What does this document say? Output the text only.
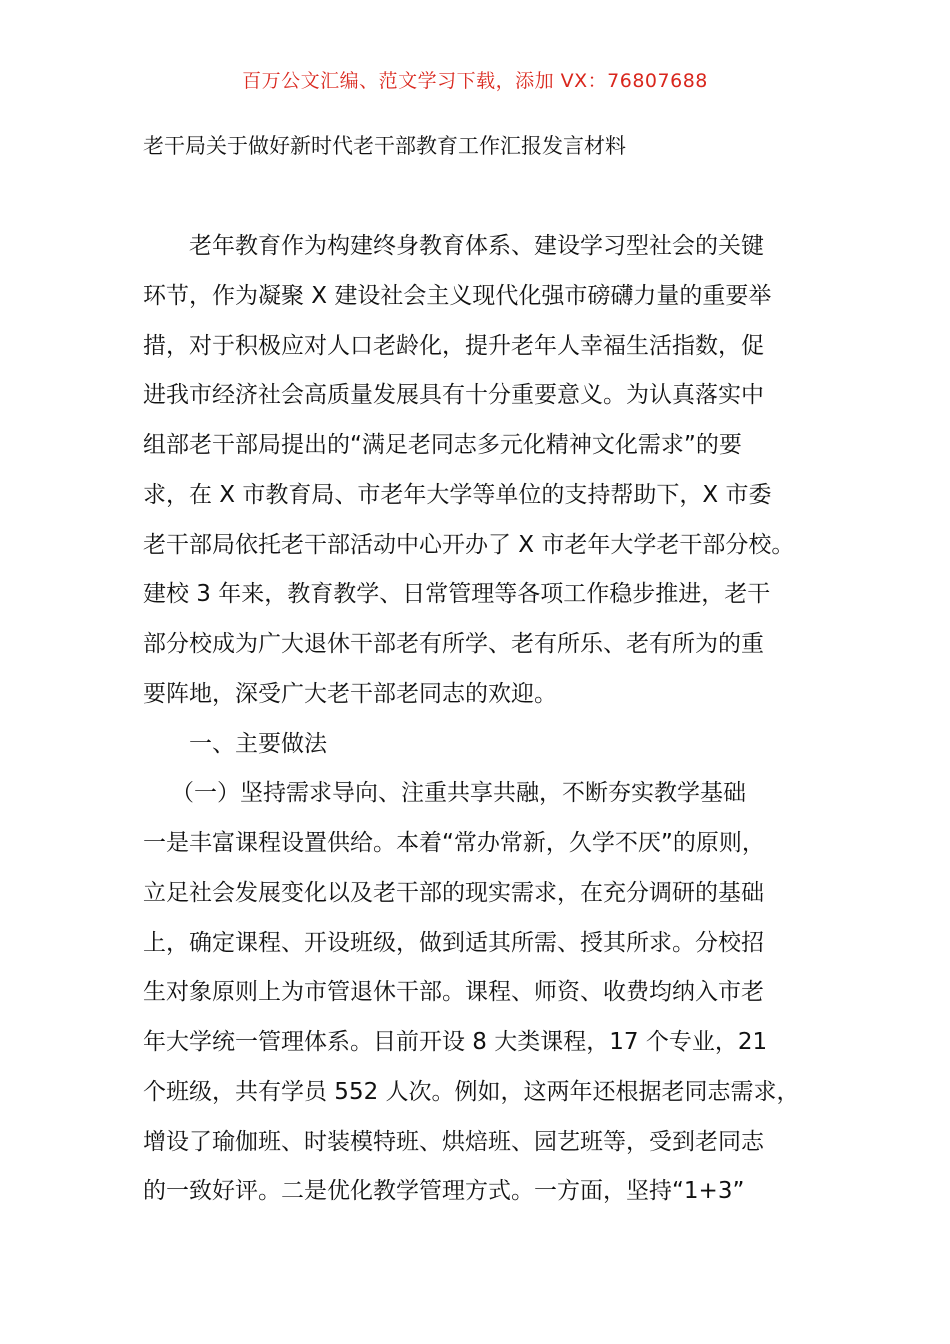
百万公文汇编、范文学习下载，添加 VX：76807688
老干局关于做好新时代老干部教育工作汇报发言材料
老年教育作为构建终身教育体系、建设学习型社会的关键
环节，作为凝聚 X 建设社会主义现代化强市磅礴力量的重要举
措，对于积极应对人口老龄化，提升老年人幸福生活指数，促
进我市经济社会高质量发展具有十分重要意义。为认真落实中
组部老干部局提出的“满足老同志多元化精神文化需求”的要
求，在 X 市教育局、市老年大学等单位的支持帮助下，X 市委
老干部局依托老干部活动中心开办了 X 市老年大学老干部分校。
建校 3 年来，教育教学、日常管理等各项工作稳步推进，老干
部分校成为广大退休干部老有所学、老有所乐、老有所为的重
要阵地，深受广大老干部老同志的欢迎。
一、主要做法
（一）坚持需求导向、注重共享共融，不断夯实教学基础
一是丰富课程设置供给。本着“常办常新，久学不厌”的原则，
立足社会发展变化以及老干部的现实需求，在充分调研的基础
上，确定课程、开设班级，做到适其所需、授其所求。分校招
生对象原则上为市管退休干部。课程、师资、收费均纳入市老
年大学统一管理体系。目前开设 8 大类课程，17 个专业，21
个班级，共有学员 552 人次。例如，这两年还根据老同志需求，
增设了瑜伽班、时装模特班、烘焙班、园艺班等，受到老同志
的一致好评。二是优化教学管理方式。一方面，坚持“1+3”
